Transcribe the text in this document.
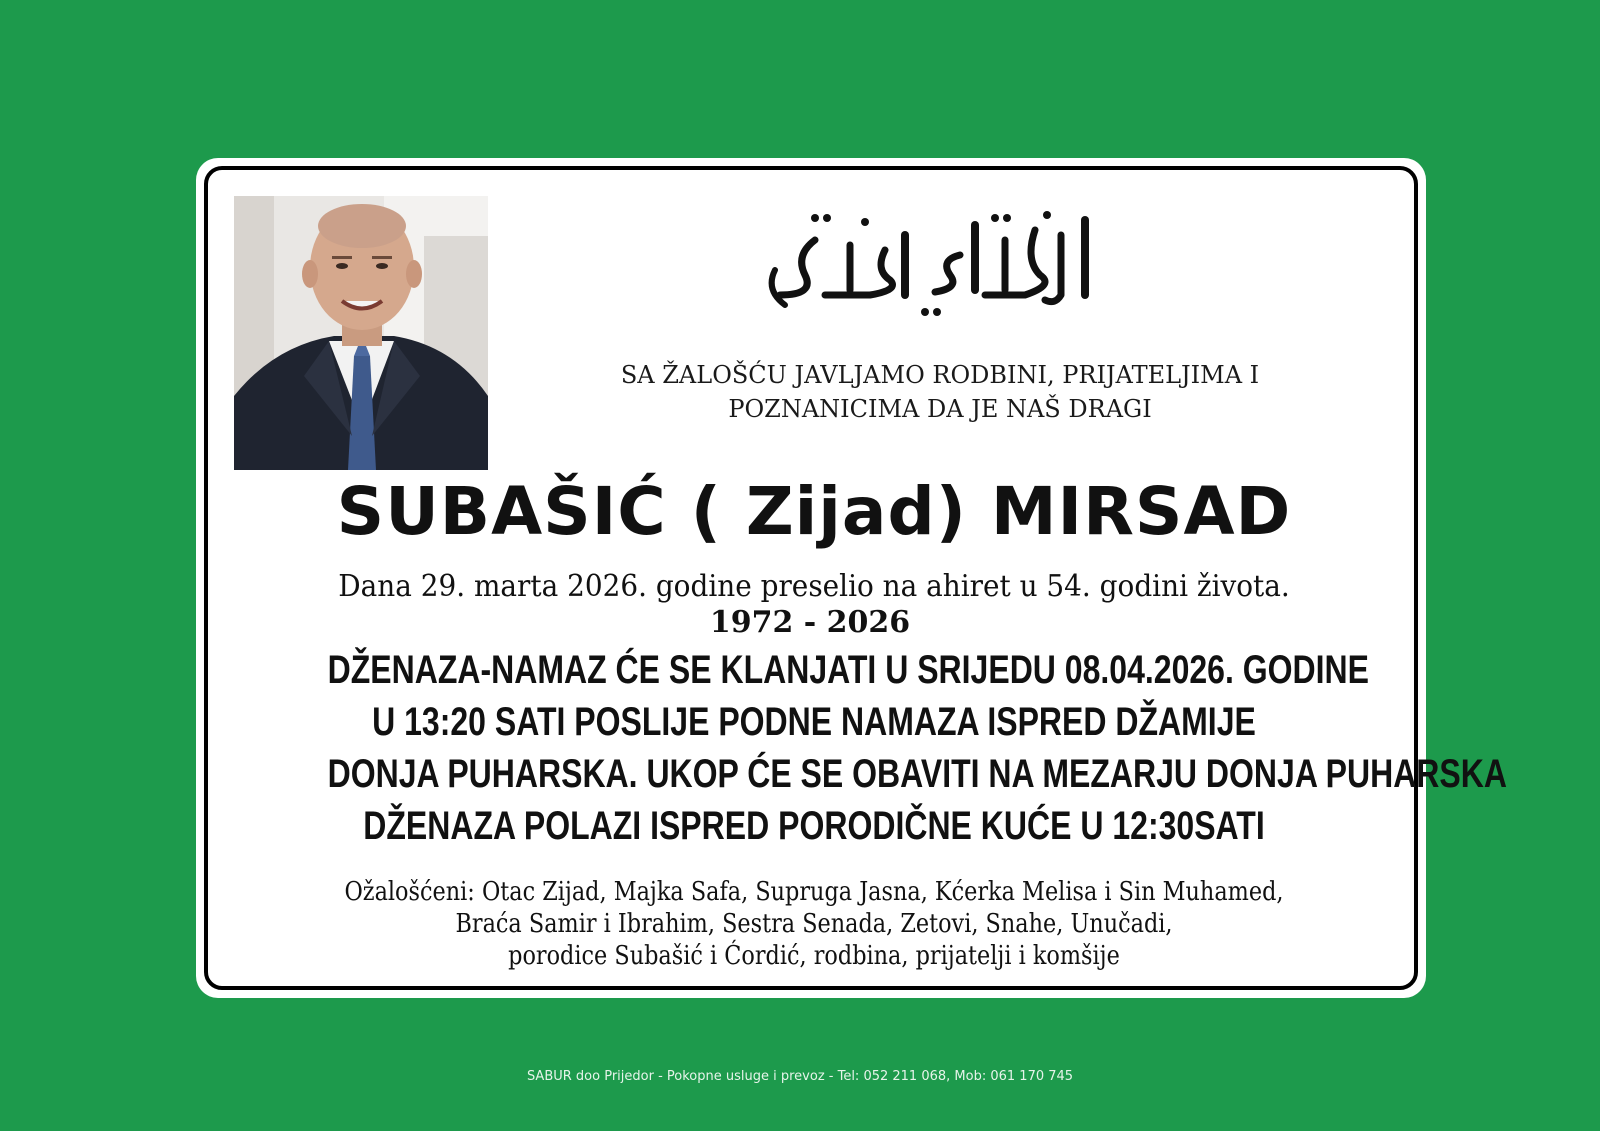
SA ŽALOŠĆU JAVLJAMO RODBINI, PRIJATELJIMA I
POZNANICIMA DA JE NAŠ DRAGI

SUBAŠIĆ ( Zijad) MIRSAD

Dana 29. marta 2026. godine preselio na ahiret u 54. godini života.

1972 - 2026

DŽENAZA-NAMAZ ĆE SE KLANJATI U SRIJEDU 08.04.2026. GODINE
U 13:20 SATI POSLIJE PODNE NAMAZA ISPRED DŽAMIJE
DONJA PUHARSKA. UKOP ĆE SE OBAVITI NA MEZARJU DONJA PUHARSKA
DŽENAZA POLAZI ISPRED PORODIČNE KUĆE U 12:30SATI
Ožalošćeni: Otac Zijad, Majka Safa, Supruga Jasna, Kćerka Melisa i Sin Muhamed,
Braća Samir i Ibrahim, Sestra Senada, Zetovi, Snahe, Unučadi,
porodice Subašić i Ćordić, rodbina, prijatelji i komšije

SABUR doo Prijedor - Pokopne usluge i prevoz - Tel: 052 211 068, Mob: 061 170 745
